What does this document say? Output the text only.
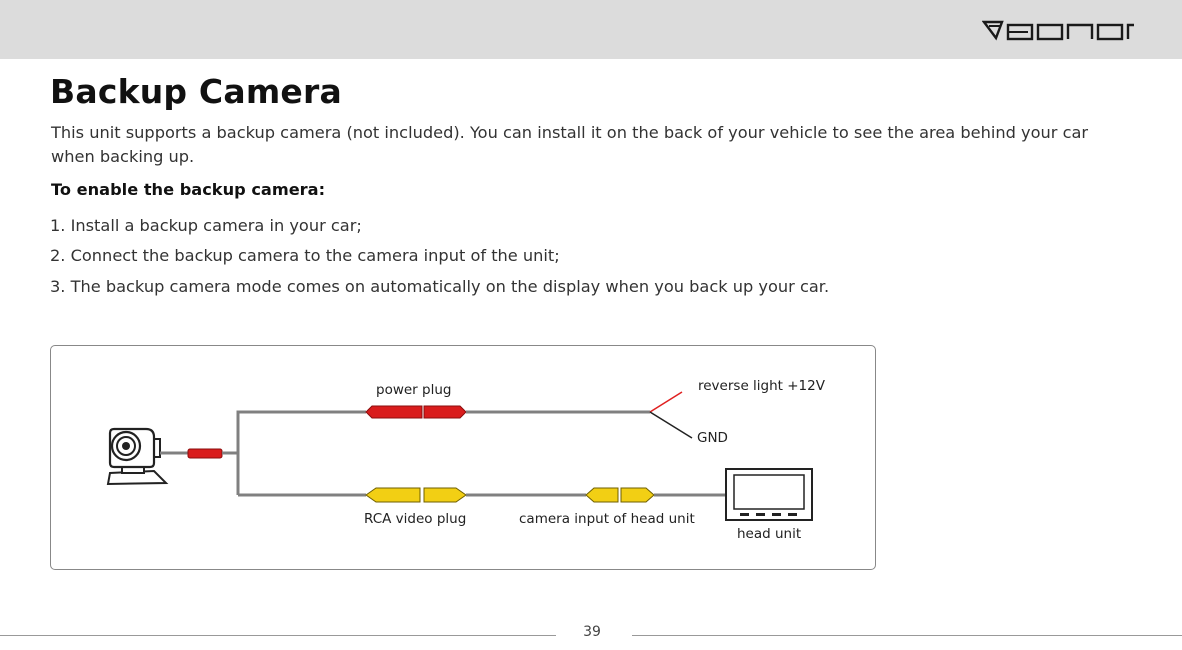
Backup Camera

This unit supports a backup camera (not included). You can install it on the back of your vehicle to see the area behind your car when backing up.

To enable the backup camera:

1. Install a backup camera in your car;

2. Connect the backup camera to the camera input of the unit;

3. The backup camera mode comes on automatically on the display when you back up your car.

power plug	reverse light +12V
GND
RCA video plug	camera input of head unit
head unit
39
